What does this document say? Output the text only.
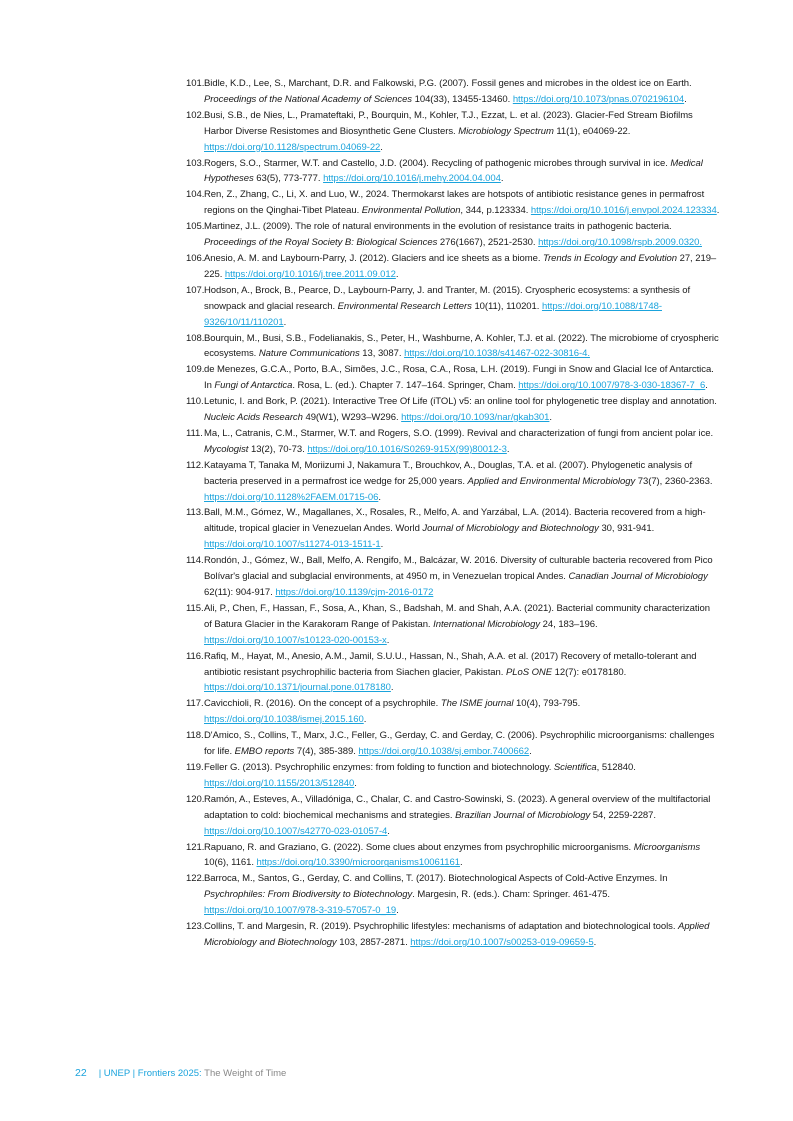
101. Bidle, K.D., Lee, S., Marchant, D.R. and Falkowski, P.G. (2007). Fossil genes and microbes in the oldest ice on Earth. Proceedings of the National Academy of Sciences 104(33), 13455-13460. https://doi.org/10.1073/pnas.0702196104.
102. Busi, S.B., de Nies, L., Pramateftaki, P., Bourquin, M., Kohler, T.J., Ezzat, L. et al. (2023). Glacier-Fed Stream Biofilms Harbor Diverse Resistomes and Biosynthetic Gene Clusters. Microbiology Spectrum 11(1), e04069-22. https://doi.org/10.1128/spectrum.04069-22.
103. Rogers, S.O., Starmer, W.T. and Castello, J.D. (2004). Recycling of pathogenic microbes through survival in ice. Medical Hypotheses 63(5), 773-777. https://doi.org/10.1016/j.mehy.2004.04.004.
104. Ren, Z., Zhang, C., Li, X. and Luo, W., 2024. Thermokarst lakes are hotspots of antibiotic resistance genes in permafrost regions on the Qinghai-Tibet Plateau. Environmental Pollution, 344, p.123334. https://doi.org/10.1016/j.envpol.2024.123334.
105. Martinez, J.L. (2009). The role of natural environments in the evolution of resistance traits in pathogenic bacteria. Proceedings of the Royal Society B: Biological Sciences 276(1667), 2521-2530. https://doi.org/10.1098/rspb.2009.0320.
106. Anesio, A. M. and Laybourn-Parry, J. (2012). Glaciers and ice sheets as a biome. Trends in Ecology and Evolution 27, 219–225. https://doi.org/10.1016/j.tree.2011.09.012.
107. Hodson, A., Brock, B., Pearce, D., Laybourn-Parry, J. and Tranter, M. (2015). Cryospheric ecosystems: a synthesis of snowpack and glacial research. Environmental Research Letters 10(11), 110201. https://doi.org/10.1088/1748-9326/10/11/110201.
108. Bourquin, M., Busi, S.B., Fodelianakis, S., Peter, H., Washburne, A. Kohler, T.J. et al. (2022). The microbiome of cryospheric ecosystems. Nature Communications 13, 3087. https://doi.org/10.1038/s41467-022-30816-4.
109. de Menezes, G.C.A., Porto, B.A., Simões, J.C., Rosa, C.A., Rosa, L.H. (2019). Fungi in Snow and Glacial Ice of Antarctica. In Fungi of Antarctica. Rosa, L. (ed.). Chapter 7. 147–164. Springer, Cham. https://doi.org/10.1007/978-3-030-18367-7_6.
110. Letunic, I. and Bork, P. (2021). Interactive Tree Of Life (iTOL) v5: an online tool for phylogenetic tree display and annotation. Nucleic Acids Research 49(W1), W293–W296. https://doi.org/10.1093/nar/gkab301.
111. Ma, L., Catranis, C.M., Starmer, W.T. and Rogers, S.O. (1999). Revival and characterization of fungi from ancient polar ice. Mycologist 13(2), 70-73. https://doi.org/10.1016/S0269-915X(99)80012-3.
112. Katayama T, Tanaka M, Moriizumi J, Nakamura T., Brouchkov, A., Douglas, T.A. et al. (2007). Phylogenetic analysis of bacteria preserved in a permafrost ice wedge for 25,000 years. Applied and Environmental Microbiology 73(7), 2360-2363. https://doi.org/10.1128%2FAEM.01715-06.
113. Ball, M.M., Gómez, W., Magallanes, X., Rosales, R., Melfo, A. and Yarzábal, L.A. (2014). Bacteria recovered from a high-altitude, tropical glacier in Venezuelan Andes. World Journal of Microbiology and Biotechnology 30, 931-941. https://doi.org/10.1007/s11274-013-1511-1.
114. Rondón, J., Gómez, W., Ball, Melfo, A. Rengifo, M., Balcázar, W. 2016. Diversity of culturable bacteria recovered from Pico Bolívar's glacial and subglacial environments, at 4950 m, in Venezuelan tropical Andes. Canadian Journal of Microbiology 62(11): 904-917. https://doi.org/10.1139/cjm-2016-0172
115. Ali, P., Chen, F., Hassan, F., Sosa, A., Khan, S., Badshah, M. and Shah, A.A. (2021). Bacterial community characterization of Batura Glacier in the Karakoram Range of Pakistan. International Microbiology 24, 183–196. https://doi.org/10.1007/s10123-020-00153-x.
116. Rafiq, M., Hayat, M., Anesio, A.M., Jamil, S.U.U., Hassan, N., Shah, A.A. et al. (2017) Recovery of metallo-tolerant and antibiotic resistant psychrophilic bacteria from Siachen glacier, Pakistan. PLoS ONE 12(7): e0178180. https://doi.org/10.1371/journal.pone.0178180.
117. Cavicchioli, R. (2016). On the concept of a psychrophile. The ISME journal 10(4), 793-795. https://doi.org/10.1038/ismej.2015.160.
118. D'Amico, S., Collins, T., Marx, J.C., Feller, G., Gerday, C. and Gerday, C. (2006). Psychrophilic microorganisms: challenges for life. EMBO reports 7(4), 385-389. https://doi.org/10.1038/sj.embor.7400662.
119. Feller G. (2013). Psychrophilic enzymes: from folding to function and biotechnology. Scientifica, 512840. https://doi.org/10.1155/2013/512840.
120. Ramón, A., Esteves, A., Villadóniga, C., Chalar, C. and Castro-Sowinski, S. (2023). A general overview of the multifactorial adaptation to cold: biochemical mechanisms and strategies. Brazilian Journal of Microbiology 54, 2259-2287. https://doi.org/10.1007/s42770-023-01057-4.
121. Rapuano, R. and Graziano, G. (2022). Some clues about enzymes from psychrophilic microorganisms. Microorganisms 10(6), 1161. https://doi.org/10.3390/microorganisms10061161.
122. Barroca, M., Santos, G., Gerday, C. and Collins, T. (2017). Biotechnological Aspects of Cold-Active Enzymes. In Psychrophiles: From Biodiversity to Biotechnology. Margesin, R. (eds.). Cham: Springer. 461-475. https://doi.org/10.1007/978-3-319-57057-0_19.
123. Collins, T. and Margesin, R. (2019). Psychrophilic lifestyles: mechanisms of adaptation and biotechnological tools. Applied Microbiology and Biotechnology 103, 2857-2871. https://doi.org/10.1007/s00253-019-09659-5.
22 | UNEP | Frontiers 2025: The Weight of Time
